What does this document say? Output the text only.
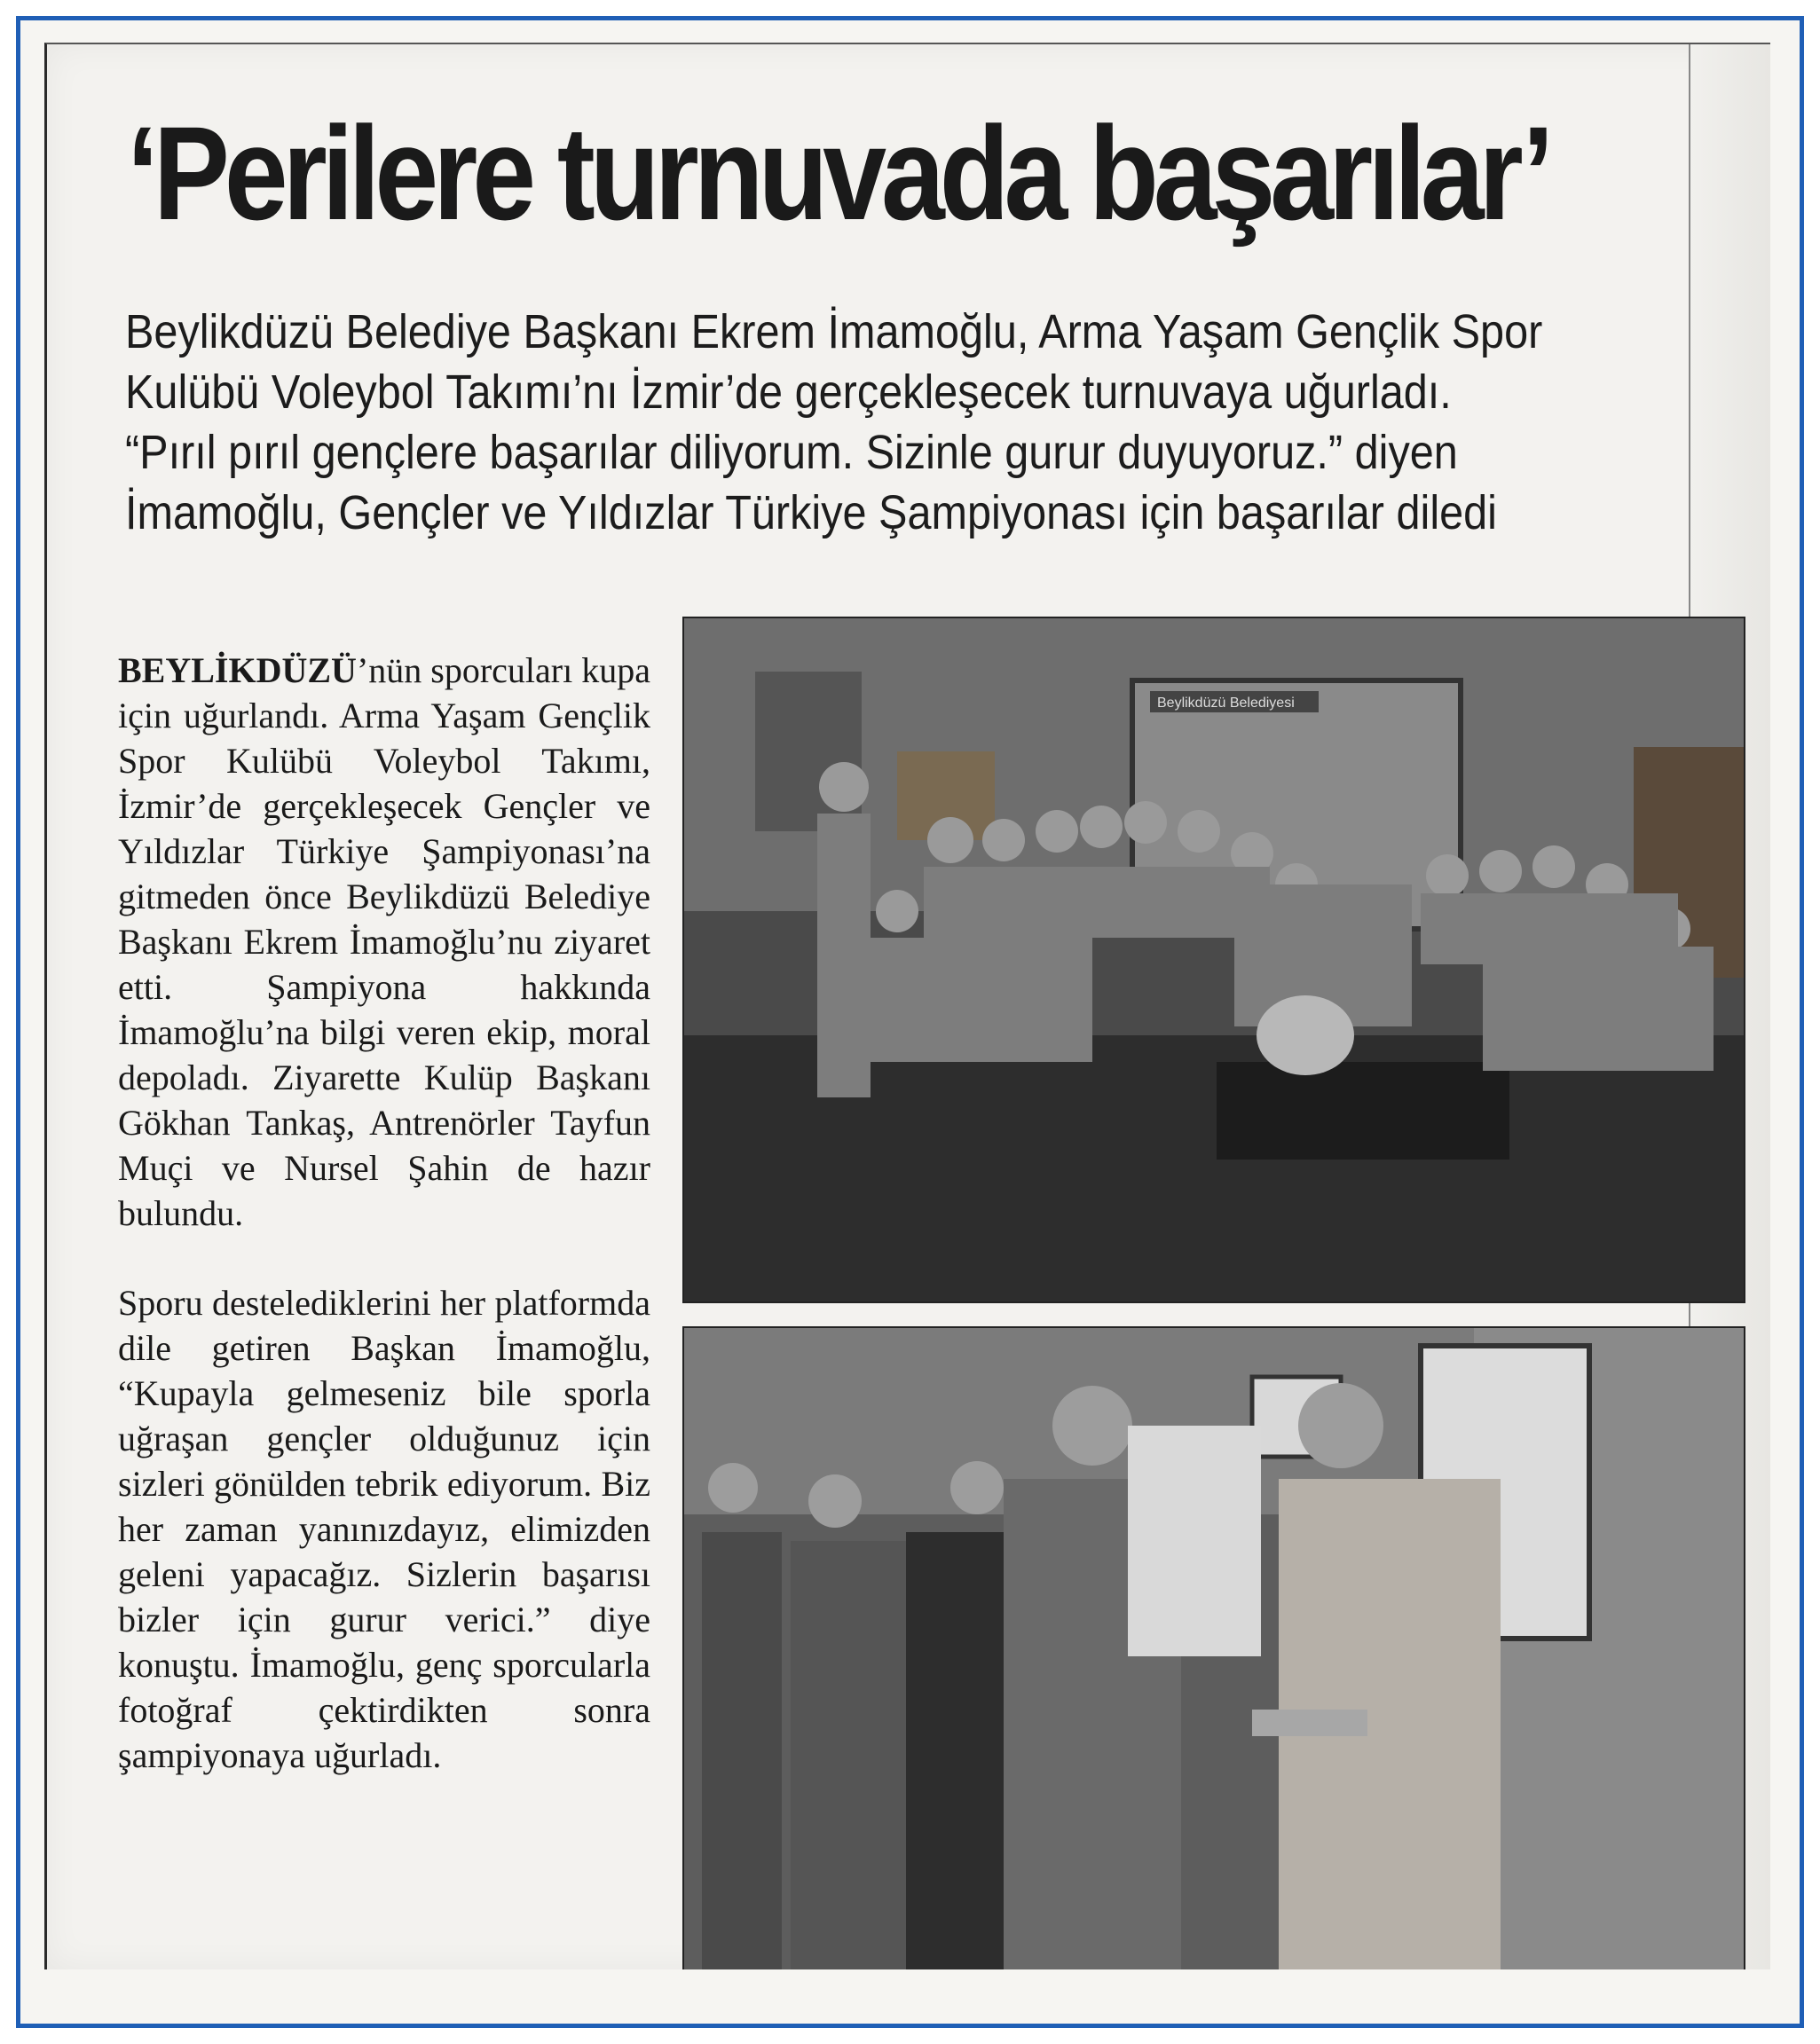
‘Perilere turnuvada başarılar’
Beylikdüzü Belediye Başkanı Ekrem İmamoğlu, Arma Yaşam Gençlik Spor
Kulübü Voleybol Takımı’nı İzmir’de gerçekleşecek turnuvaya uğurladı.
“Pırıl pırıl gençlere başarılar diliyorum. Sizinle gurur duyuyoruz.” diyen
İmamoğlu, Gençler ve Yıldızlar Türkiye Şampiyonası için başarılar diledi

BEYLİKDÜZÜ’nün sporcuları kupa için uğurlandı. Arma Yaşam Gençlik Spor Kulübü Voleybol Takımı, İzmir’de gerçekleşecek Gençler ve Yıldızlar Türkiye Şampiyonası’na gitmeden önce Beylikdüzü Belediye Başkanı Ekrem İmamoğlu’nu ziyaret etti. Şampiyona hakkında İmamoğlu’na bilgi veren ekip, moral depoladı. Ziyarette Kulüp Başkanı Gökhan Tankaş, Antrenörler Tayfun Muçi ve Nursel Şahin de hazır bulundu.

Sporu destelediklerini her platformda dile getiren Başkan İmamoğlu, “Kupayla gelmeseniz bile sporla uğraşan gençler olduğunuz için sizleri gönülden tebrik ediyorum. Biz her zaman yanınızdayız, elimizden geleni yapacağız. Sizlerin başarısı bizler için gurur verici.” diye konuştu. İmamoğlu, genç sporcularla fotoğraf çektirdikten sonra şampiyonaya uğurladı.

Beylikdüzü Belediyesi
